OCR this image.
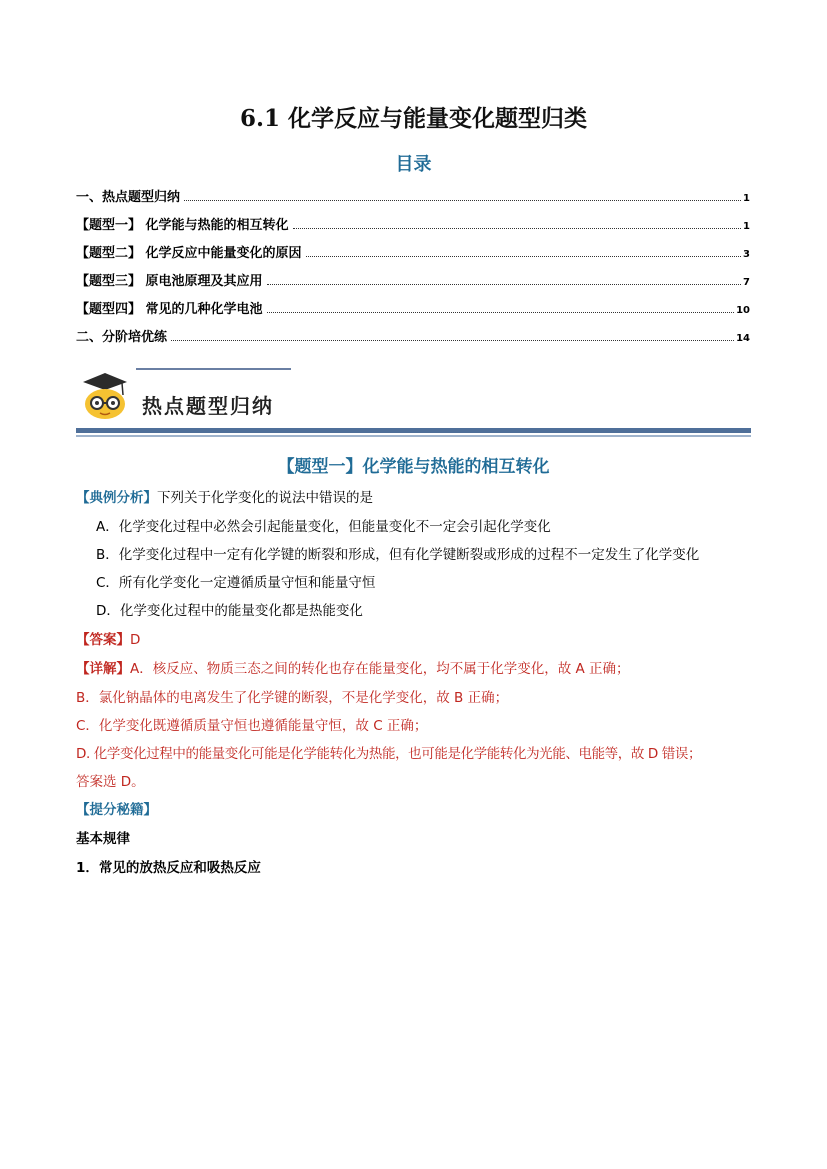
6.1 化学反应与能量变化题型归类
目录
一、热点题型归纳	1
【题型一】 化学能与热能的相互转化	1
【题型二】 化学反应中能量变化的原因	3
【题型三】 原电池原理及其应用	7
【题型四】 常见的几种化学电池	10
二、分阶培优练	14
热点题型归纳
【题型一】化学能与热能的相互转化
【典例分析】下列关于化学变化的说法中错误的是
A．化学变化过程中必然会引起能量变化，但能量变化不一定会引起化学变化
B．化学变化过程中一定有化学键的断裂和形成，但有化学键断裂或形成的过程不一定发生了化学变化
C．所有化学变化一定遵循质量守恒和能量守恒
D．化学变化过程中的能量变化都是热能变化
【答案】D
【详解】A．核反应、物质三态之间的转化也存在能量变化，均不属于化学变化，故 A 正确；
B．氯化钠晶体的电离发生了化学键的断裂，不是化学变化，故 B 正确；
C．化学变化既遵循质量守恒也遵循能量守恒，故 C 正确；
D. 化学变化过程中的能量变化可能是化学能转化为热能，也可能是化学能转化为光能、电能等，故 D 错误；
答案选 D。
【提分秘籍】
基本规律
1．常见的放热反应和吸热反应
